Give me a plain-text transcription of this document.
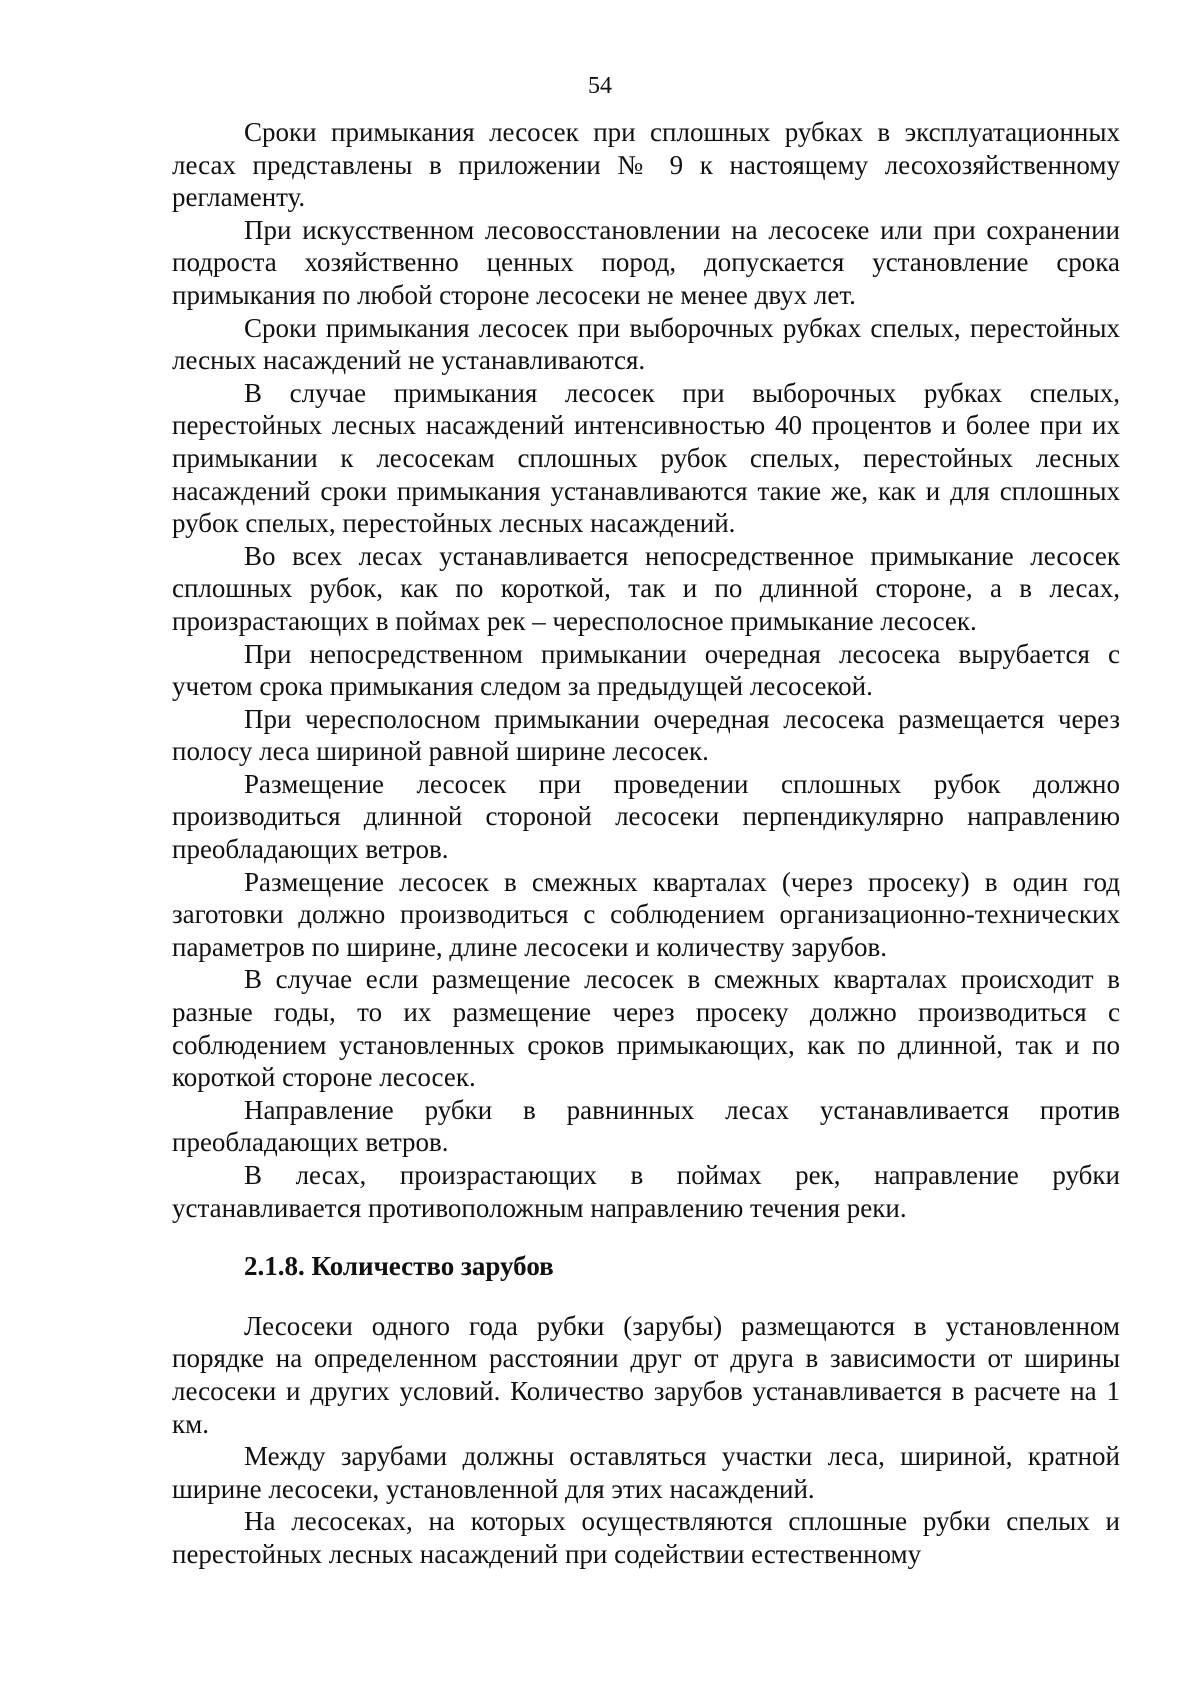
54

Сроки примыкания лесосек при сплошных рубках в эксплуатационных лесах представлены в приложении № 9 к настоящему лесохозяйственному регламенту.

При искусственном лесовосстановлении на лесосеке или при сохранении подроста хозяйственно ценных пород, допускается установление срока примыкания по любой стороне лесосеки не менее двух лет.

Сроки примыкания лесосек при выборочных рубках спелых, перестойных лесных насаждений не устанавливаются.

В случае примыкания лесосек при выборочных рубках спелых, перестойных лесных насаждений интенсивностью 40 процентов и более при их примыкании к лесосекам сплошных рубок спелых, перестойных лесных насаждений сроки примыкания устанавливаются такие же, как и для сплошных рубок спелых, перестойных лесных насаждений.

Во всех лесах устанавливается непосредственное примыкание лесосек сплошных рубок, как по короткой, так и по длинной стороне, а в лесах, произрастающих в поймах рек – чересполосное примыкание лесосек.

При непосредственном примыкании очередная лесосека вырубается с учетом срока примыкания следом за предыдущей лесосекой.

При чересполосном примыкании очередная лесосека размещается через полосу леса шириной равной ширине лесосек.

Размещение лесосек при проведении сплошных рубок должно производиться длинной стороной лесосеки перпендикулярно направлению преобладающих ветров.

Размещение лесосек в смежных кварталах (через просеку) в один год заготовки должно производиться с соблюдением организационно-технических параметров по ширине, длине лесосеки и количеству зарубов.

В случае если размещение лесосек в смежных кварталах происходит в разные годы, то их размещение через просеку должно производиться с соблюдением установленных сроков примыкающих, как по длинной, так и по короткой стороне лесосек.

Направление рубки в равнинных лесах устанавливается против преобладающих ветров.

В лесах, произрастающих в поймах рек, направление рубки устанавливается противоположным направлению течения реки.

2.1.8. Количество зарубов

Лесосеки одного года рубки (зарубы) размещаются в установленном порядке на определенном расстоянии друг от друга в зависимости от ширины лесосеки и других условий. Количество зарубов устанавливается в расчете на 1 км.

Между зарубами должны оставляться участки леса, шириной, кратной ширине лесосеки, установленной для этих насаждений.

На лесосеках, на которых осуществляются сплошные рубки спелых и перестойных лесных насаждений при содействии естественному
